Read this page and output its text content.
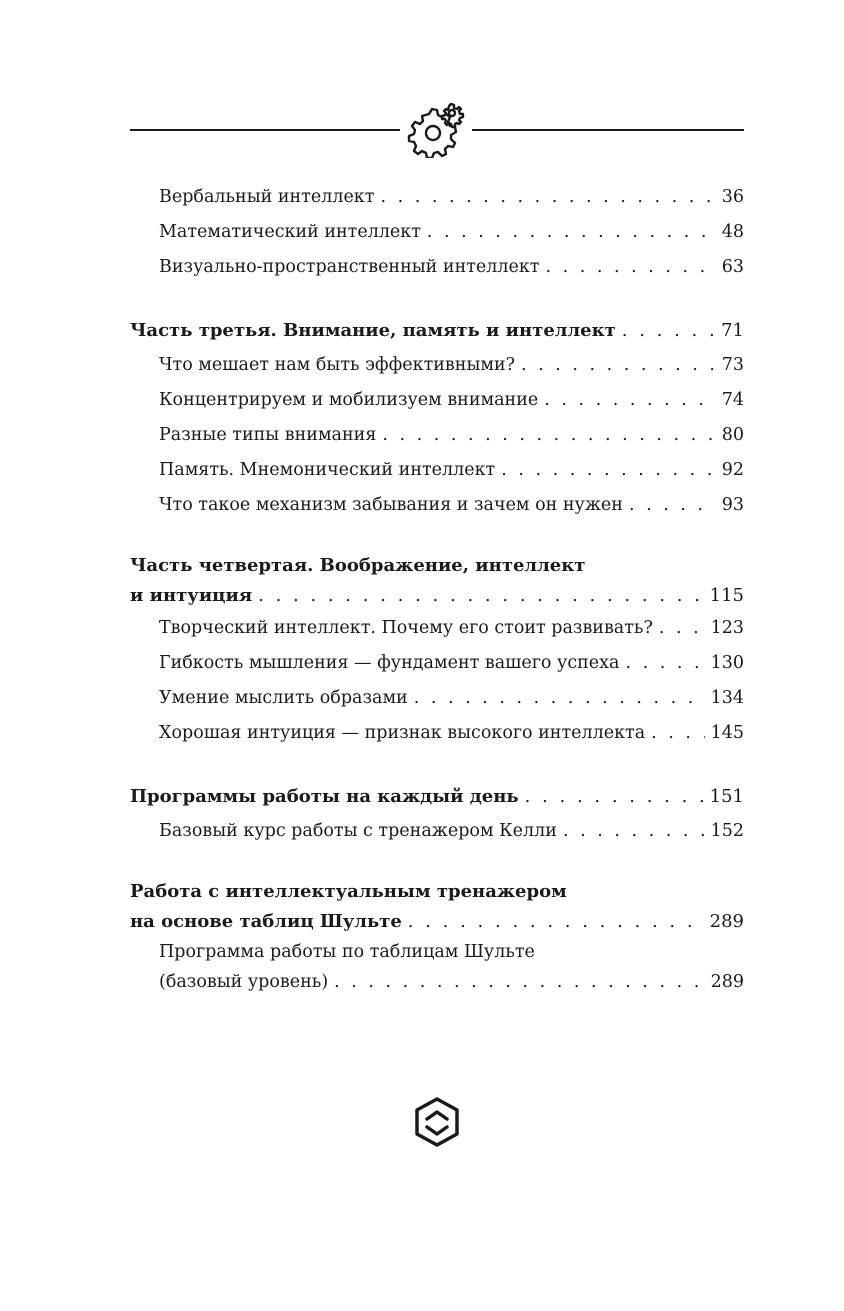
Вербальный интеллект . . .	36
Математический интеллект . . .	48
Визуально-пространственный интеллект . . .	63
Часть третья. Внимание, память и интеллект . . .	71
Что мешает нам быть эффективными? . . .	73
Концентрируем и мобилизуем внимание . . .	74
Разные типы внимания . . .	80
Память. Мнемонический интеллект . . .	92
Что такое механизм забывания и зачем он нужен . . .	93
Часть четвертая. Воображение, интеллект
и интуиция . . .	115
Творческий интеллект. Почему его стоит развивать? . . .	123
Гибкость мышления — фундамент вашего успеха . . .	130
Умение мыслить образами . . .	134
Хорошая интуиция — признак высокого интеллекта . . .	145
Программы работы на каждый день . . .	151
Базовый курс работы с тренажером Келли . . .	152
Работа с интеллектуальным тренажером
на основе таблиц Шульте . . .	289
Программа работы по таблицам Шульте
(базовый уровень) . . .	289
